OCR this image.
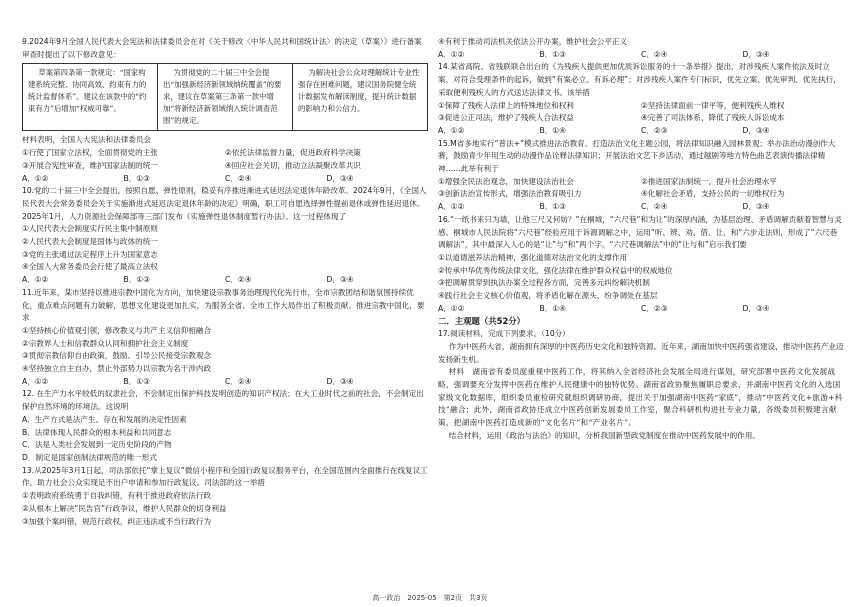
9.2024年9月全国人民代表大会宪法和法律委员会在对《关于修改〈中华人民共和国统计法〉的决定（草案）》进行备案审查时提出了以下修改意见：

草案第四条第一款规定：“国家构建系统完整、协同高效、约束有力的统计监督体系”。建议在该款中的“约束有力”后增加“权威可靠”。
为贯彻党的二十届三中全会提出“加强新经济新领域纳统覆盖”的要求，建议在草案第三条第一款中增加“将新经济新领域纳入统计调查范围”的规定。
为解决社会公众对理解统计专业性强存在困难问题，建议国务院健全统计数据发布解读制度，提升统计数据的影响力和公信力。

材料表明，全国人大宪法和法律委员会

①行使了国家立法权，全面贯彻党的主张	②依托法律监督力量，促进政府科学决策
③开展合宪性审查，维护国家法制的统一	④回应社会关切，推动立法凝聚改革共识
A．①②	B．①③	C．②④	D．③④

10.党的二十届三中全会提出，按照自愿、弹性原则，稳妥有序推进渐进式延迟法定退休年龄改革。2024年9月，《全国人民代表大会常务委员会关于实施渐进式延迟法定退休年龄的决定》明确，职工可自愿选择弹性提前退休或弹性延迟退休。2025年1月，人力资源社会保障部等三部门发布《实施弹性退休制度暂行办法》。这一过程体现了

①人民代表大会制度实行民主集中制原则

②人民代表大会制度是国体与政体的统一

③党的主张通过法定程序上升为国家意志

④全国人大常务委员会行使了最高立法权

A．①②	B．①③	C．②④	D．③④

11.近年来，某市坚持以推进宗教中国化为方向，加快建设宗教事务治理现代化先行市，全市宗教团结和谐氛围持续优化，重点难点问题有力破解，思想文化建设更加扎实，为服务全省、全市工作大局作出了积极贡献。推进宗教中国化，要求

①坚持核心价值观引领，修改教义与共产主义信仰相融合

②宗教界人士和信教群众认同和拥护社会主义制度

③贯彻宗教信仰自由政策，鼓励、引导公民接受宗教观念

④坚持独立自主自办，禁止外部势力以宗教为名干涉内政

A．①②	B．①③	C．②④	D．③④

12. 在生产力水平较低的奴隶社会，不会制定出保护科技发明创造的知识产权法；在大工业时代之前的社会，不会制定出保护自然环境的环境法。这说明

A．生产方式是法产生、存在和发展的决定性因素

B．法律体现人民群众的根本利益和共同意志

C．法是人类社会发展到一定历史阶段的产物

D．制定是国家创制法律规范的唯一形式

13.从2025年3月1日起，司法部依托“掌上复议”微信小程序和全国行政复议服务平台，在全国范围内全面推行在线复议工作，助力社会公众实现足不出户申请和参加行政复议。司法部的这一举措

①表明政府系统勇于自我纠错，有利于推进政府依法行政

②从根本上解决“民告官”行政争议，维护人民群众的切身利益

③加强个案纠错，规范行政权，纠正违法或不当行政行为

④有利于推动司法机关依法公开办案，维护社会公平正义

A．①②	B．①③	C．②④	D．③④

14.某省高院、省残联联合出台的《为残疾人提供更加优质诉讼服务的十一条举措》提出，对涉残疾人案件依法及时立案，对符合受理条件的起诉，做到“有案必立、有诉必理”；对涉残疾人案件专门标识，优先立案、优先审判、优先执行，采取便利残疾人的方式送达法律文书。该举措

①保障了残疾人法律上的特殊地位和权利	②坚持法律面前一律平等，便利残疾人维权
③促进公正司法，维护了残疾人合法权益	④完善了司法体系，降低了残疾人诉讼成本
A．①②	B．①④	C．②③	D．③④

15.M省多地实行“普法+”模式推进法治教育。打造法治文化主题公园，将法律知识融入园林景观；举办法治动漫创作大赛，鼓励青少年用生动的动漫作品诠释法律知识；开展法治文艺下乡活动，通过越剧等地方特色曲艺表演传播法律精神……此举有利于

①增强全民法治观念，加快建设法治社会	②推进国家法制统一，提升社会治理水平
③创新法治宣传形式，增强法治教育吸引力	④化解社会矛盾，支持公民的一切维权行为
A．①②	B．①③	C．②④	D．③④

16.“一纸书来只为墙，让他三尺又何妨？”在桐城，“六尺巷“和为让”的深厚内涵，为基层治理、矛盾调解贡献着智慧与灵感。桐城市人民法院将“六尺巷”经验应用于诉源调解之中，运用“听、辨、劝、借、让、和”六步走法则，形成了“六尺巷调解法”，其中最深入人心的是“让”与“和”两个字。“六尺巷调解法”中的“让与和”启示我们要

①以道德滋养法治精神，强化道德对法治文化的支撑作用

②传承中华优秀传统法律文化，强化法律在维护群众权益中的权威地位

③把调解贯穿到执法办案全过程各方面，完善多元纠纷解决机制

④践行社会主义核心价值观，将矛盾化解在源头、纷争调处在基层

A．①②	B．①④	C．②③	D．③④

二．主观题（共52分）

17.阅读材料，完成下列要求。（10分）

作为中医药大省，湖南拥有深厚的中医药历史文化和独特资源。近年来，湖南加快中医药强省建设，推动中医药产业迈发扬新生机。

材料　湖南省有委员度重视中医药工作，将其纳入全省经济社会发展全局进行谋划，研究部署中医药文化发展战略，强调要充分发挥中医药在维护人民健康中的独特优势。湖南省政协聚焦履职总要求，并湖南中医药文化的入选国家级文化数据库，组织委员重检研究就组织调研协商，提出关于加强湖南中医药“家底”，推动“中医药文化+旅游+科技”融合；此外，湖南省政协还成立中医药创新发展委员工作室，聚合科研机构进社专业力量，各级委员积极建言献策，把湖南中医药打造成新的“文化名片”和“产业名片”。

结合材料，运用《政治与法治》的知识，分析我国新型政党制度在推动中医药发展中的作用。

高一政治　2025-05　第2页　共3页
